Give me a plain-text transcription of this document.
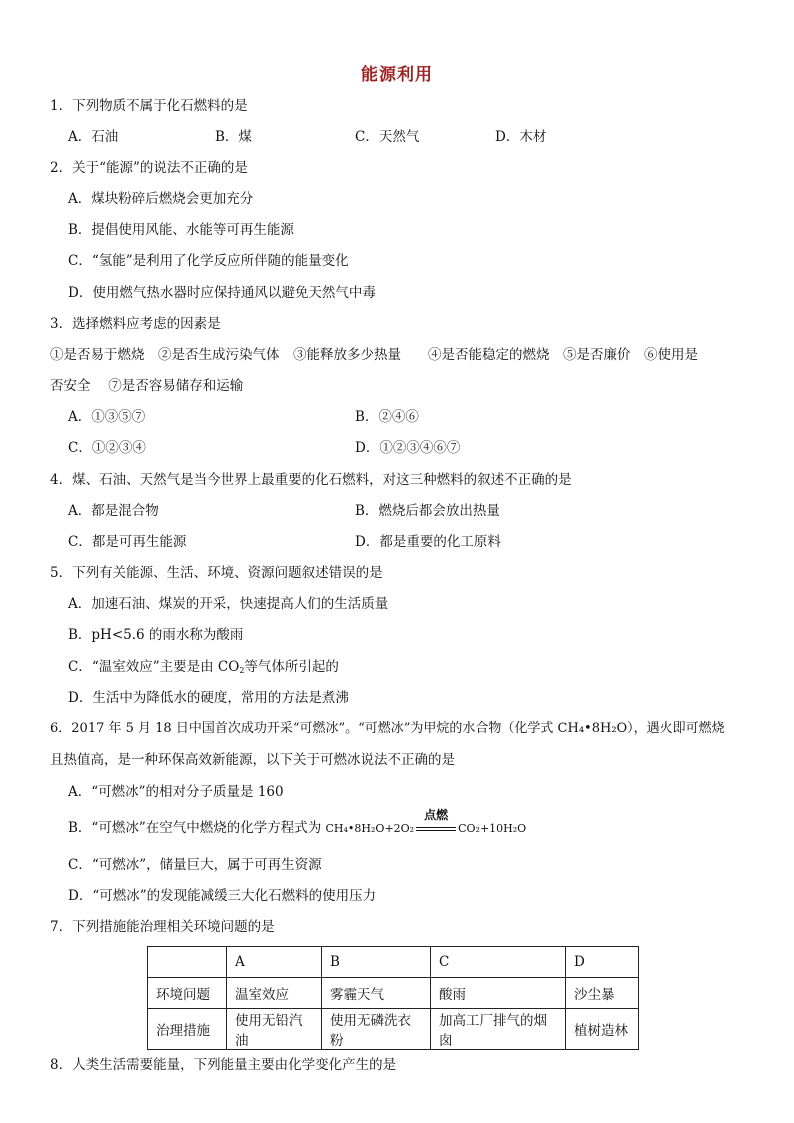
能源利用
1．下列物质不属于化石燃料的是
A．石油	B．煤	C．天然气	D．木材
2．关于“能源”的说法不正确的是
A．煤块粉碎后燃烧会更加充分
B．提倡使用风能、水能等可再生能源
C．“氢能”是利用了化学反应所伴随的能量变化
D．使用燃气热水器时应保持通风以避免天然气中毒
3．选择燃料应考虑的因素是
①是否易于燃烧　②是否生成污染气体　③能释放多少热量　　④是否能稳定的燃烧　⑤是否廉价　⑥使用是
否安全　 ⑦是否容易储存和运输
A．①③⑤⑦	B．②④⑥
C．①②③④	D．①②③④⑥⑦
4．煤、石油、天然气是当今世界上最重要的化石燃料，对这三种燃料的叙述不正确的是
A．都是混合物	B．燃烧后都会放出热量
C．都是可再生能源	D．都是重要的化工原料
5．下列有关能源、生活、环境、资源问题叙述错误的是
A．加速石油、煤炭的开采，快速提高人们的生活质量
B．pH<5.6 的雨水称为酸雨
C．“温室效应”主要是由 $CO_2$等气体所引起的
D．生活中为降低水的硬度，常用的方法是煮沸
6．2017 年 5 月 18 日中国首次成功开采“可燃冰”。“可燃冰”为甲烷的水合物（化学式 CH₄•8H₂O），遇火即可燃烧
且热值高，是一种环保高效新能源，以下关于可燃冰说法不正确的是
A．“可燃冰”的相对分子质量是 160
B．“可燃冰”在空气中燃烧的化学方程式为 CH₄•8H₂O+2O₂
点燃
CO₂+10H₂O
C．“可燃冰”，储量巨大，属于可再生资源
D．“可燃冰”的发现能减缓三大化石燃料的使用压力
7．下列措施能治理相关环境问题的是
	A	B	C	D
环境问题	温室效应	雾霾天气	酸雨	沙尘暴
治理措施	使用无铅汽油	使用无磷洗衣粉	加高工厂排气的烟囱	植树造林
8．人类生活需要能量，下列能量主要由化学变化产生的是
